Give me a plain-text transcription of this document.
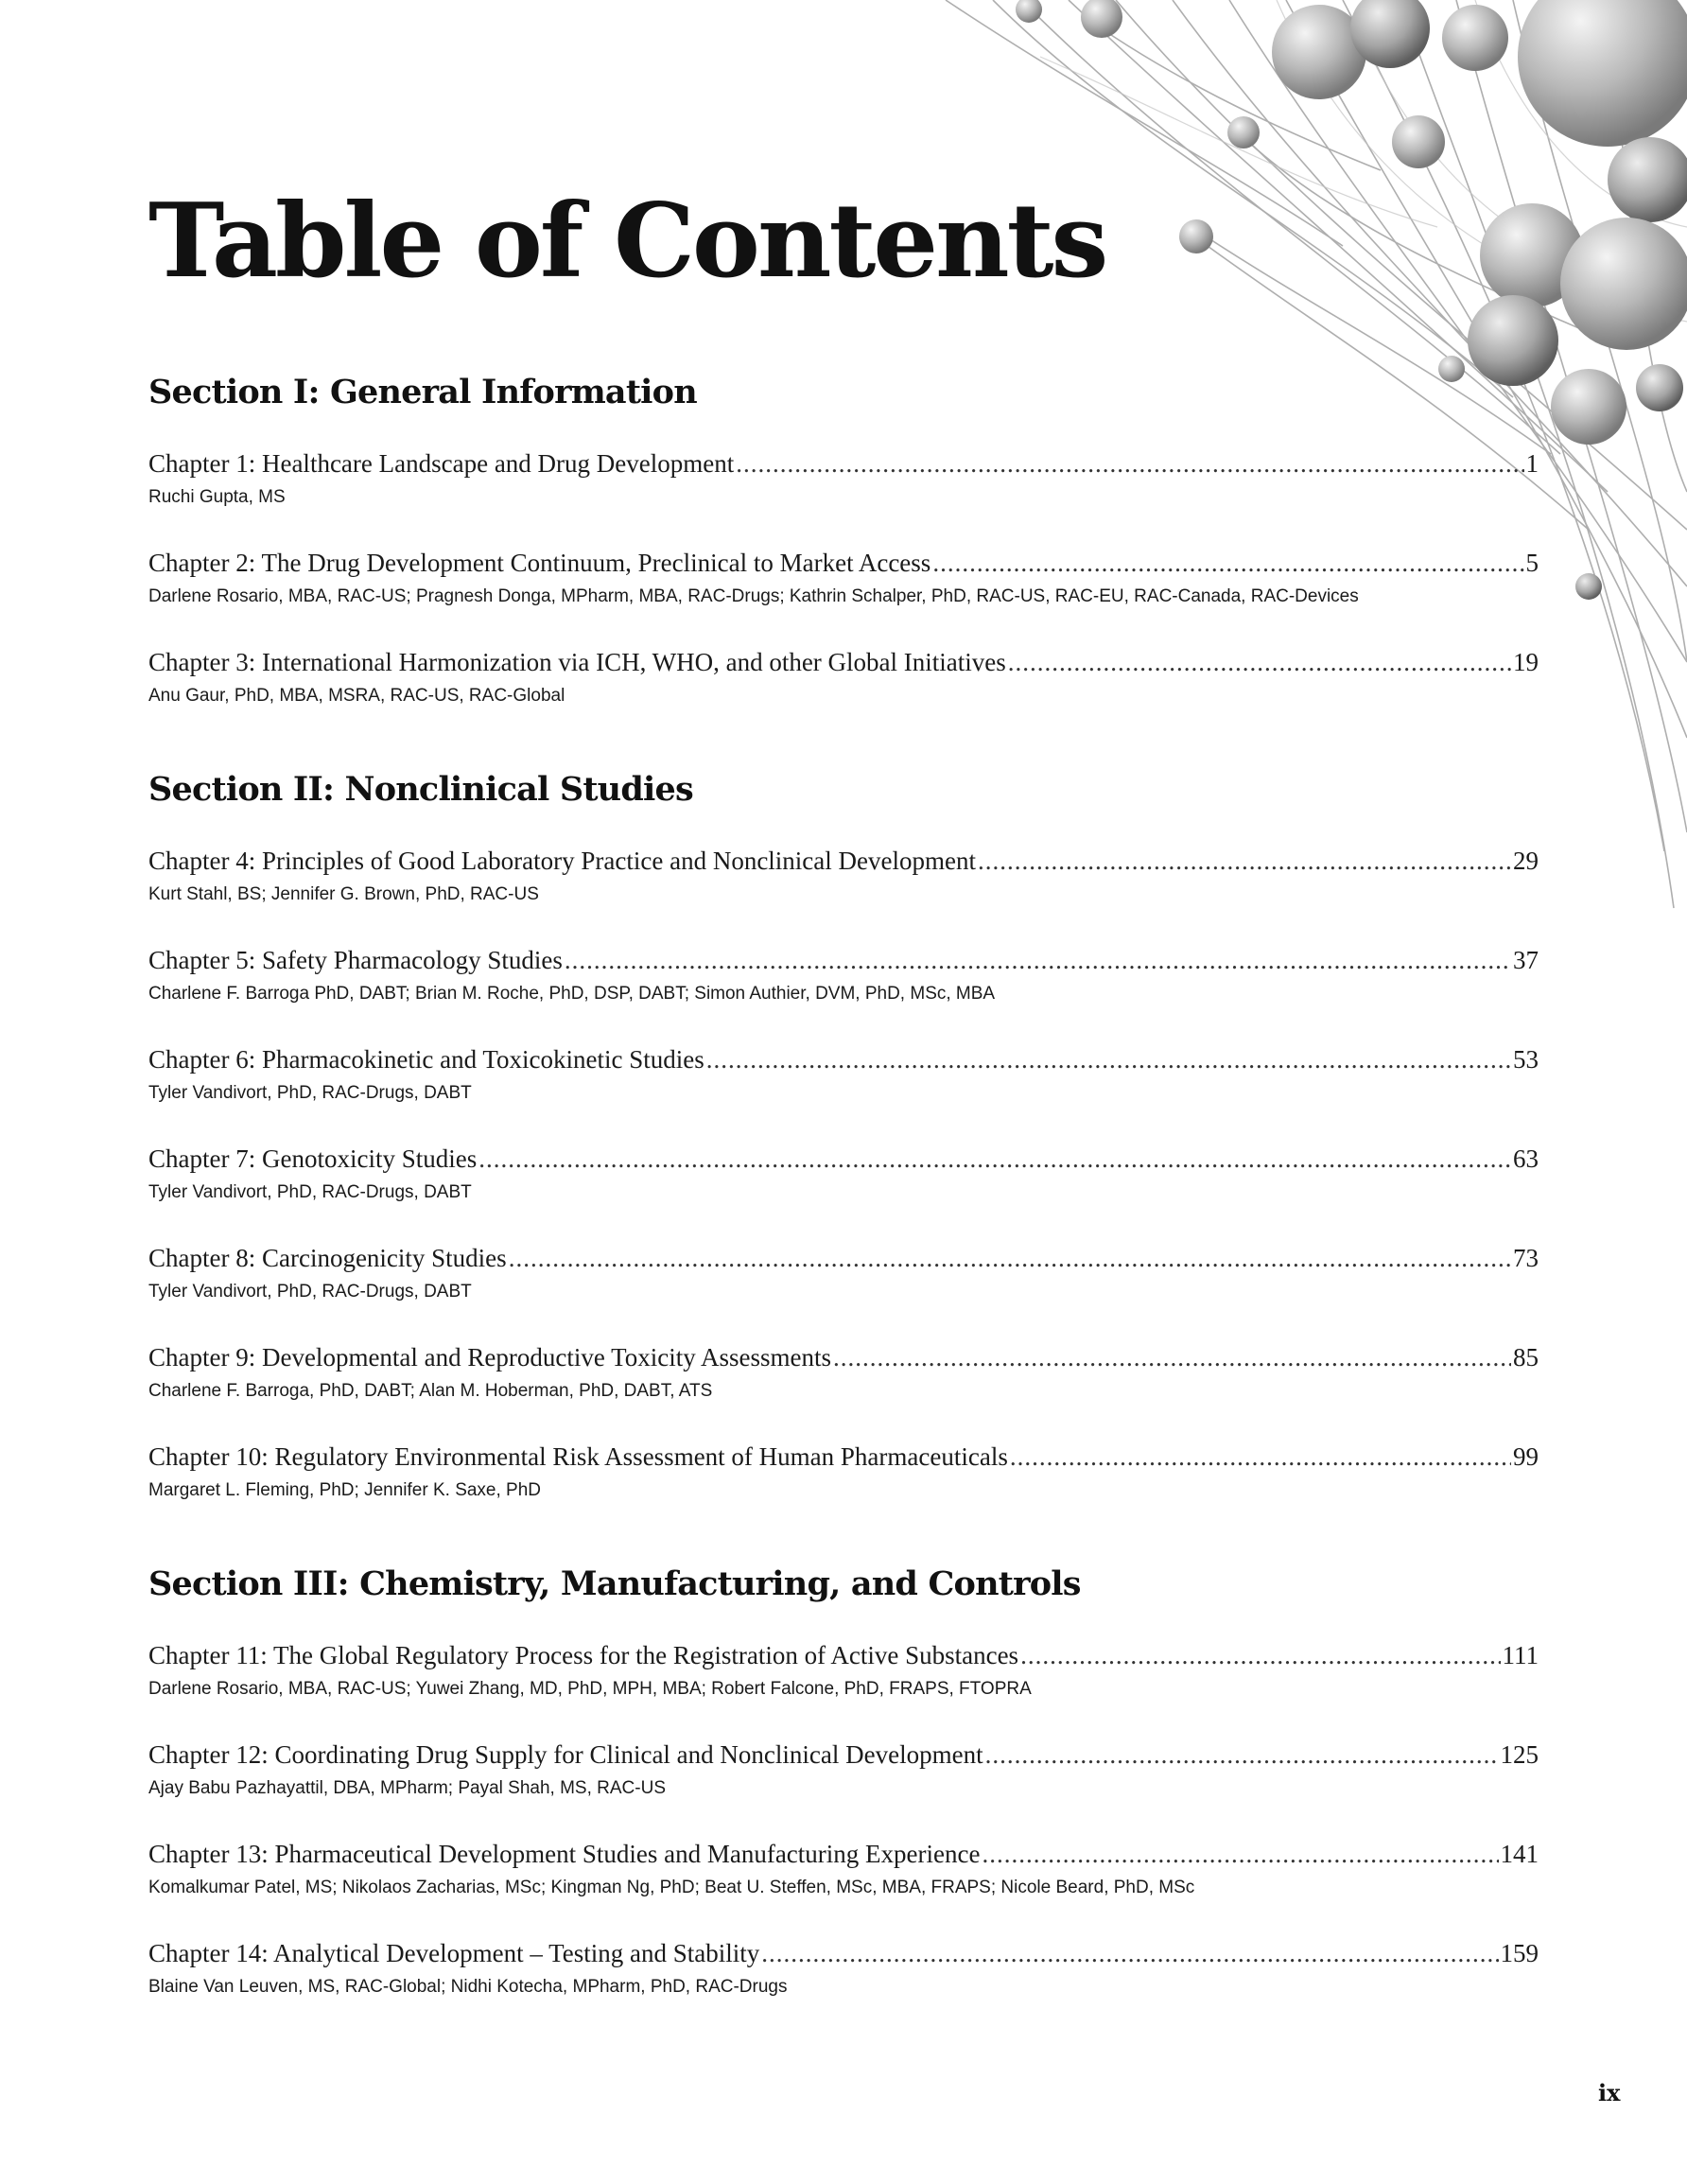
Table of Contents
Section I: General Information
Chapter 1: Healthcare Landscape and Drug Development .....	1
Ruchi Gupta, MS
Chapter 2: The Drug Development Continuum, Preclinical to Market Access .....	5
Darlene Rosario, MBA, RAC-US; Pragnesh Donga, MPharm, MBA, RAC-Drugs; Kathrin Schalper, PhD, RAC-US, RAC-EU, RAC-Canada, RAC-Devices
Chapter 3: International Harmonization via ICH, WHO, and other Global Initiatives .....	19
Anu Gaur, PhD, MBA, MSRA, RAC-US, RAC-Global
Section II: Nonclinical Studies
Chapter 4: Principles of Good Laboratory Practice and Nonclinical Development .....	29
Kurt Stahl, BS; Jennifer G. Brown, PhD, RAC-US
Chapter 5: Safety Pharmacology Studies .....	37
Charlene F. Barroga PhD, DABT; Brian M. Roche, PhD, DSP, DABT; Simon Authier, DVM, PhD, MSc, MBA
Chapter 6: Pharmacokinetic and Toxicokinetic Studies .....	53
Tyler Vandivort, PhD, RAC-Drugs, DABT
Chapter 7: Genotoxicity Studies .....	63
Tyler Vandivort, PhD, RAC-Drugs, DABT
Chapter 8: Carcinogenicity Studies .....	73
Tyler Vandivort, PhD, RAC-Drugs, DABT
Chapter 9: Developmental and Reproductive Toxicity Assessments .....	85
Charlene F. Barroga, PhD, DABT; Alan M. Hoberman, PhD, DABT, ATS
Chapter 10: Regulatory Environmental Risk Assessment of Human Pharmaceuticals .....	99
Margaret L. Fleming, PhD; Jennifer K. Saxe, PhD
Section III: Chemistry, Manufacturing, and Controls
Chapter 11: The Global Regulatory Process for the Registration of Active Substances .....	111
Darlene Rosario, MBA, RAC-US; Yuwei Zhang, MD, PhD, MPH, MBA; Robert Falcone, PhD, FRAPS, FTOPRA
Chapter 12: Coordinating Drug Supply for Clinical and Nonclinical Development .....	125
Ajay Babu Pazhayattil, DBA, MPharm; Payal Shah, MS, RAC-US
Chapter 13: Pharmaceutical Development Studies and Manufacturing Experience .....	141
Komalkumar Patel, MS; Nikolaos Zacharias, MSc; Kingman Ng, PhD; Beat U. Steffen, MSc, MBA, FRAPS; Nicole Beard, PhD, MSc
Chapter 14: Analytical Development – Testing and Stability .....	159
Blaine Van Leuven, MS, RAC-Global; Nidhi Kotecha, MPharm, PhD, RAC-Drugs
ix
